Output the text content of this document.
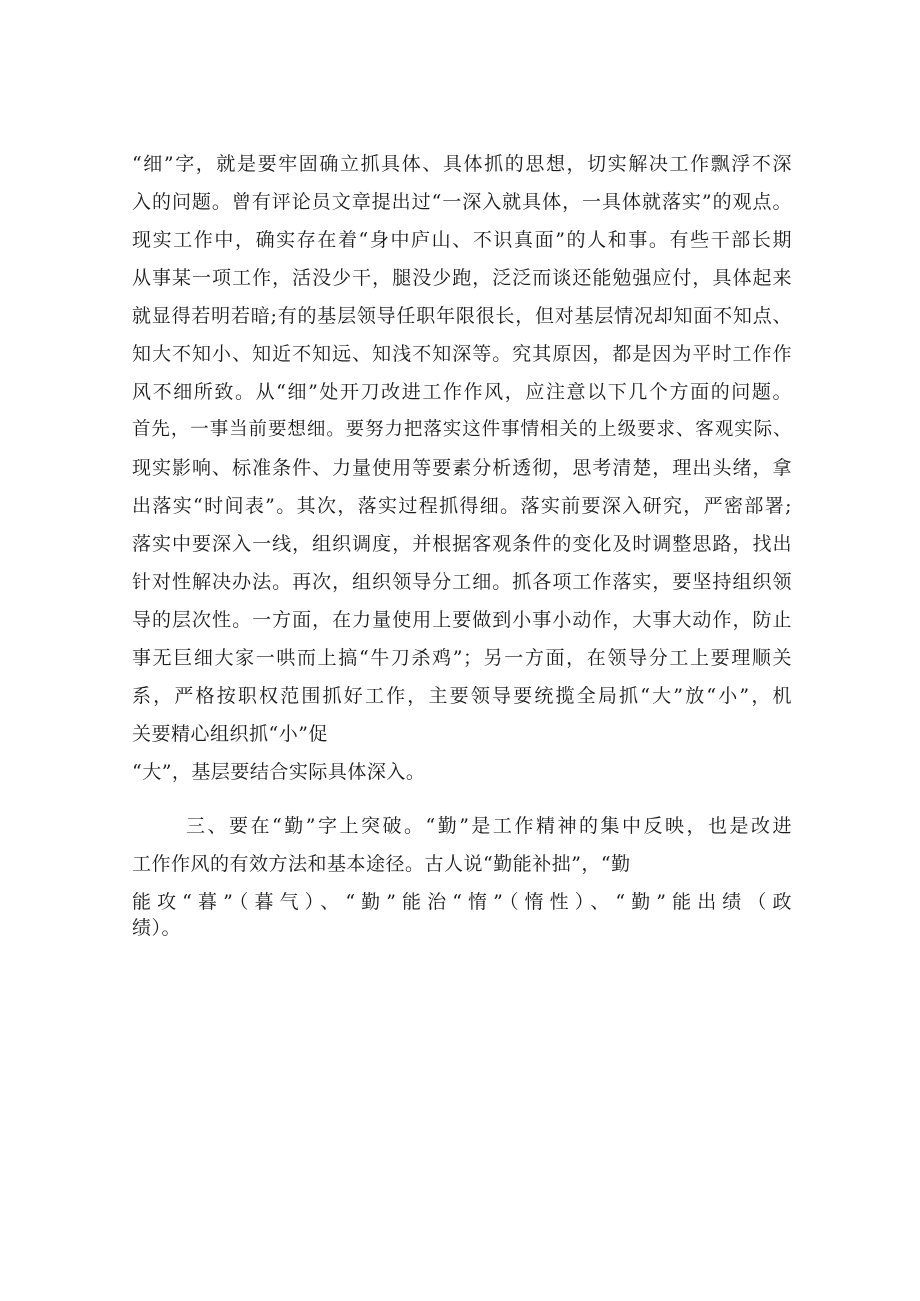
“细”字，就是要牢固确立抓具体、具体抓的思想，切实解决工作飘浮不深
入的问题。曾有评论员文章提出过“一深入就具体，一具体就落实”的观点。
现实工作中，确实存在着“身中庐山、不识真面”的人和事。有些干部长期
从事某一项工作，活没少干，腿没少跑，泛泛而谈还能勉强应付，具体起来
就显得若明若暗;有的基层领导任职年限很长，但对基层情况却知面不知点、
知大不知小、知近不知远、知浅不知深等。究其原因，都是因为平时工作作
风不细所致。从“细”处开刀改进工作作风，应注意以下几个方面的问题。
首先，一事当前要想细。要努力把落实这件事情相关的上级要求、客观实际、
现实影响、标准条件、力量使用等要素分析透彻，思考清楚，理出头绪，拿
出落实“时间表”。其次，落实过程抓得细。落实前要深入研究，严密部署;
落实中要深入一线，组织调度，并根据客观条件的变化及时调整思路，找出
针对性解决办法。再次，组织领导分工细。抓各项工作落实，要坚持组织领
导的层次性。一方面，在力量使用上要做到小事小动作，大事大动作，防止
事无巨细大家一哄而上搞“牛刀杀鸡”；另一方面，在领导分工上要理顺关
系，严格按职权范围抓好工作，主要领导要统揽全局抓“大”放“小”，机
关要精心组织抓“小”促
“大”，基层要结合实际具体深入。
三、要在“勤”字上突破。“勤”是工作精神的集中反映，也是改进
工作作风的有效方法和基本途径。古人说“勤能补拙”，“勤
能攻“暮”（暮气）、“勤”能治“惰”（惰性）、“勤”能出绩（政
绩）。
